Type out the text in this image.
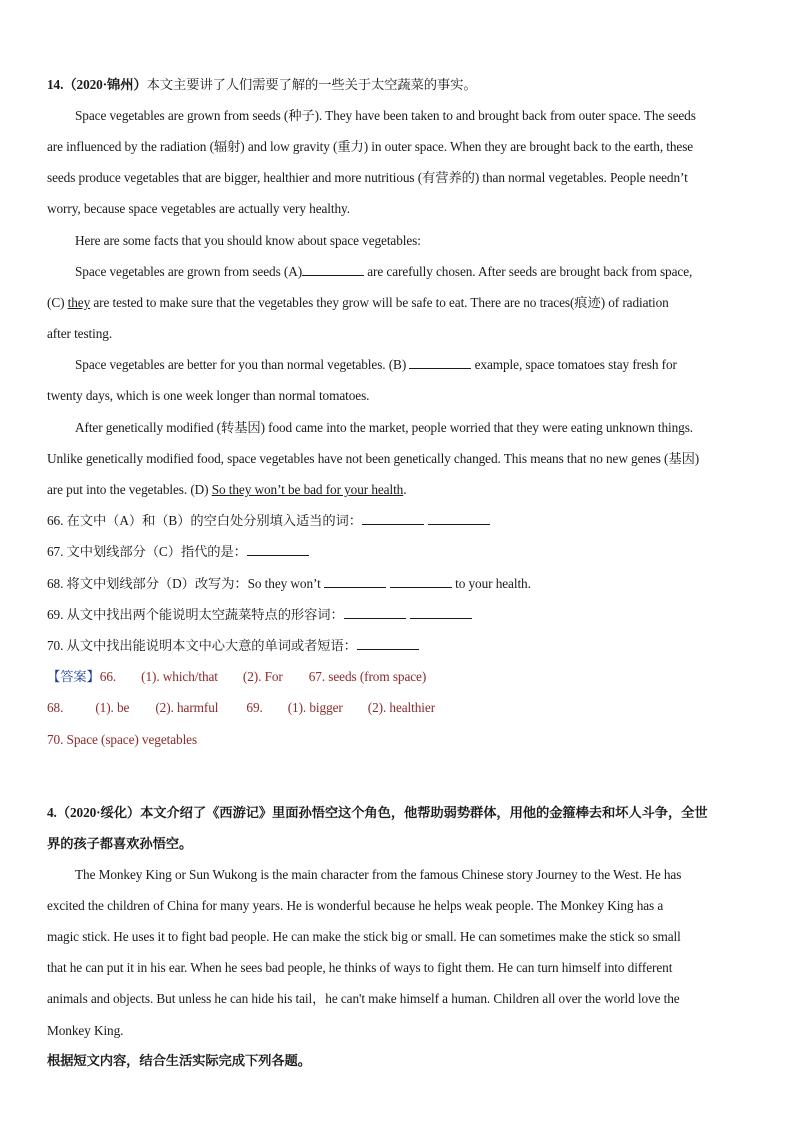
14.（2020·锦州）本文主要讲了人们需要了解的一些关于太空蔬菜的事实。
Space vegetables are grown from seeds (种子). They have been taken to and brought back from outer space. The seeds
are influenced by the radiation (辐射) and low gravity (重力) in outer space. When they are brought back to the earth, these
seeds produce vegetables that are bigger, healthier and more nutritious (有营养的) than normal vegetables. People needn’t
worry, because space vegetables are actually very healthy.
Here are some facts that you should know about space vegetables:
Space vegetables are grown from seeds (A)	are carefully chosen. After seeds are brought back from space,
(C) they are tested to make sure that the vegetables they grow will be safe to eat. There are no traces(痕迹) of radiation
after testing.
Space vegetables are better for you than normal vegetables. (B)	example, space tomatoes stay fresh for
twenty days, which is one week longer than normal tomatoes.
After genetically modified (转基因) food came into the market, people worried that they were eating unknown things.
Unlike genetically modified food, space vegetables have not been genetically changed. This means that no new genes (基因)
are put into the vegetables. (D) So they won’t be bad for your health.
66. 在文中（A）和（B）的空白处分别填入适当的词：
67. 文中划线部分（C）指代的是：
68. 将文中划线部分（D）改写为：So they won’t	to your health.
69. 从文中找出两个能说明太空蔬菜特点的形容词：
70. 从文中找出能说明本文中心大意的单词或者短语：
【答案】66. (1). which/that (2). For 67. seeds (from space)
68. (1). be (2). harmful 69. (1). bigger (2). healthier
70. Space (space) vegetables
4.（2020·绥化）本文介绍了《西游记》里面孙悟空这个角色，他帮助弱势群体，用他的金箍棒去和坏人斗争，全世
界的孩子都喜欢孙悟空。
The Monkey King or Sun Wukong is the main character from the famous Chinese story Journey to the West. He has
excited the children of China for many years. He is wonderful because he helps weak people. The Monkey King has a
magic stick. He uses it to fight bad people. He can make the stick big or small. He can sometimes make the stick so small
that he can put it in his ear. When he sees bad people, he thinks of ways to fight them. He can turn himself into different
animals and objects. But unless he can hide his tail，he can't make himself a human. Children all over the world love the
Monkey King.
根据短文内容，结合生活实际完成下列各题。
